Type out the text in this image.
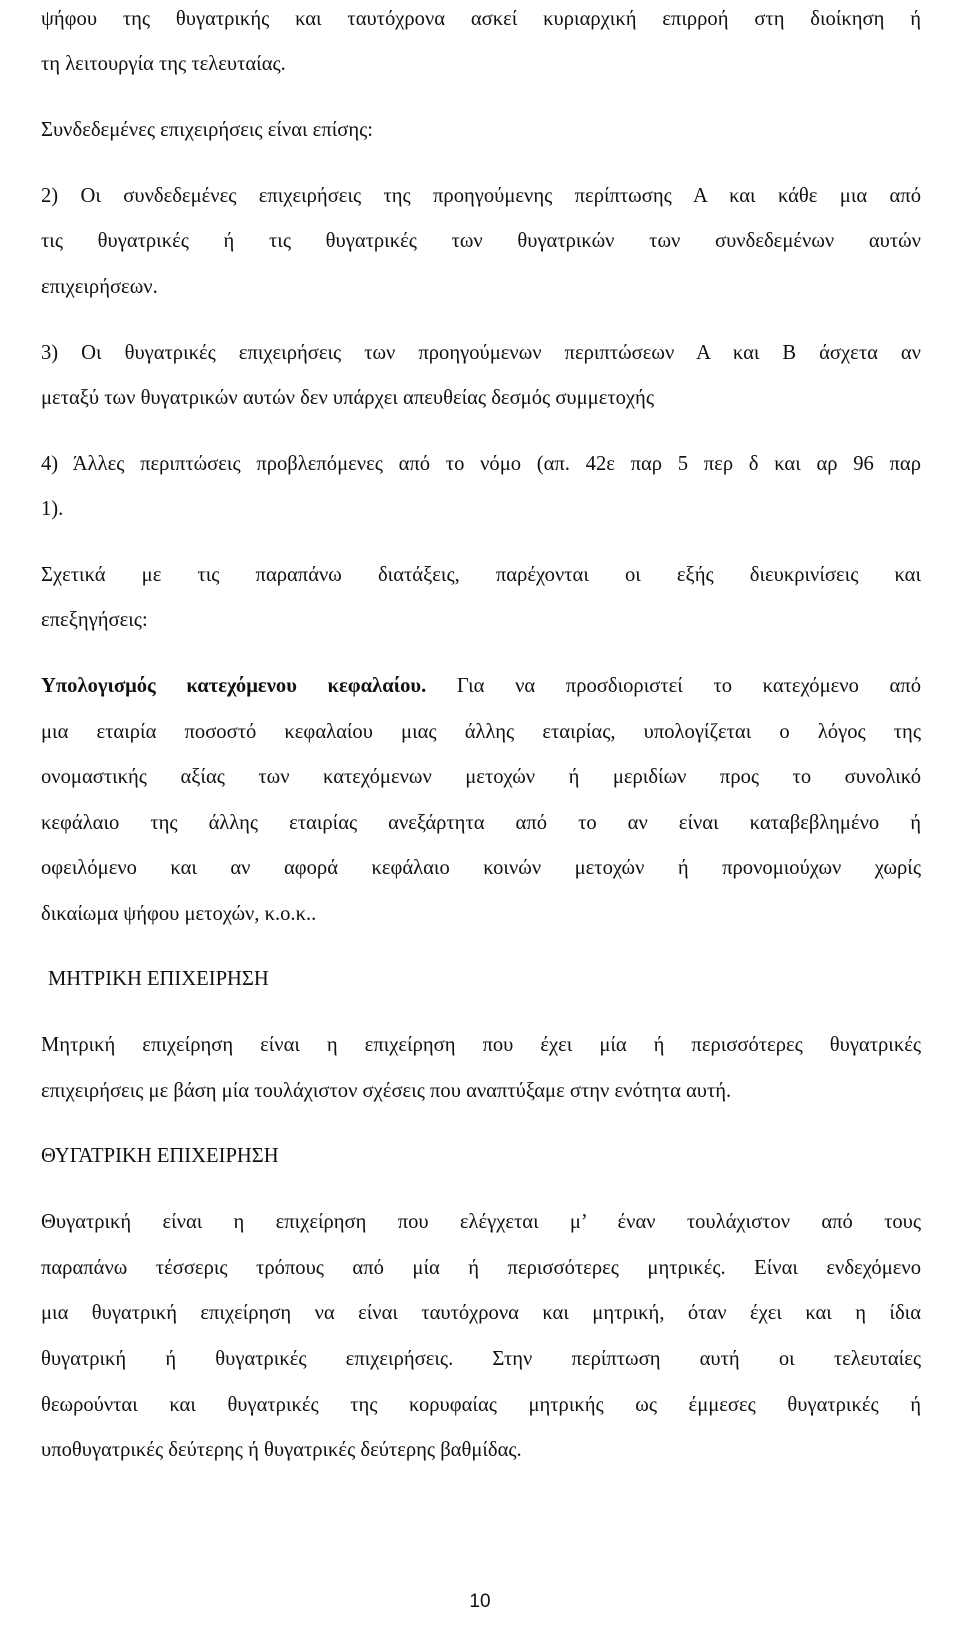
ψήφου της θυγατρικής και ταυτόχρονα ασκεί κυριαρχική επιρροή στη διοίκηση ή
τη λειτουργία της τελευταίας.
Συνδεδεμένες επιχειρήσεις είναι επίσης:
2) Οι συνδεδεμένες επιχειρήσεις της προηγούμενης περίπτωσης Α και κάθε μια από
τις θυγατρικές ή τις θυγατρικές των θυγατρικών των συνδεδεμένων αυτών
επιχειρήσεων.
3) Οι θυγατρικές επιχειρήσεις των προηγούμενων περιπτώσεων Α και Β άσχετα αν
μεταξύ των θυγατρικών αυτών δεν υπάρχει απευθείας δεσμός συμμετοχής
4) Άλλες περιπτώσεις προβλεπόμενες από το νόμο (απ. 42ε παρ 5 περ δ και αρ 96 παρ
1).
Σχετικά με τις παραπάνω διατάξεις, παρέχονται οι εξής διευκρινίσεις και
επεξηγήσεις:
Υπολογισμός κατεχόμενου κεφαλαίου. Για να προσδιοριστεί το κατεχόμενο από
μια εταιρία ποσοστό κεφαλαίου μιας άλλης εταιρίας, υπολογίζεται ο λόγος της
ονομαστικής αξίας των κατεχόμενων μετοχών ή μεριδίων προς το συνολικό
κεφάλαιο της άλλης εταιρίας ανεξάρτητα από το αν είναι καταβεβλημένο ή
οφειλόμενο και αν αφορά κεφάλαιο κοινών μετοχών ή προνομιούχων χωρίς
δικαίωμα ψήφου μετοχών, κ.ο.κ..
ΜΗΤΡΙΚΗ ΕΠΙΧΕΙΡΗΣΗ
Μητρική επιχείρηση είναι η επιχείρηση που έχει μία ή περισσότερες θυγατρικές
επιχειρήσεις με βάση μία τουλάχιστον σχέσεις που αναπτύξαμε στην ενότητα αυτή.
ΘΥΓΑΤΡΙΚΗ ΕΠΙΧΕΙΡΗΣΗ
Θυγατρική είναι η επιχείρηση που ελέγχεται μ’ έναν τουλάχιστον από τους
παραπάνω τέσσερις τρόπους από μία ή περισσότερες μητρικές. Είναι ενδεχόμενο
μια θυγατρική επιχείρηση να είναι ταυτόχρονα και μητρική, όταν έχει και η ίδια
θυγατρική ή θυγατρικές επιχειρήσεις. Στην περίπτωση αυτή οι τελευταίες
θεωρούνται και θυγατρικές της κορυφαίας μητρικής ως έμμεσες θυγατρικές ή
υποθυγατρικές δεύτερης ή θυγατρικές δεύτερης βαθμίδας.
10
